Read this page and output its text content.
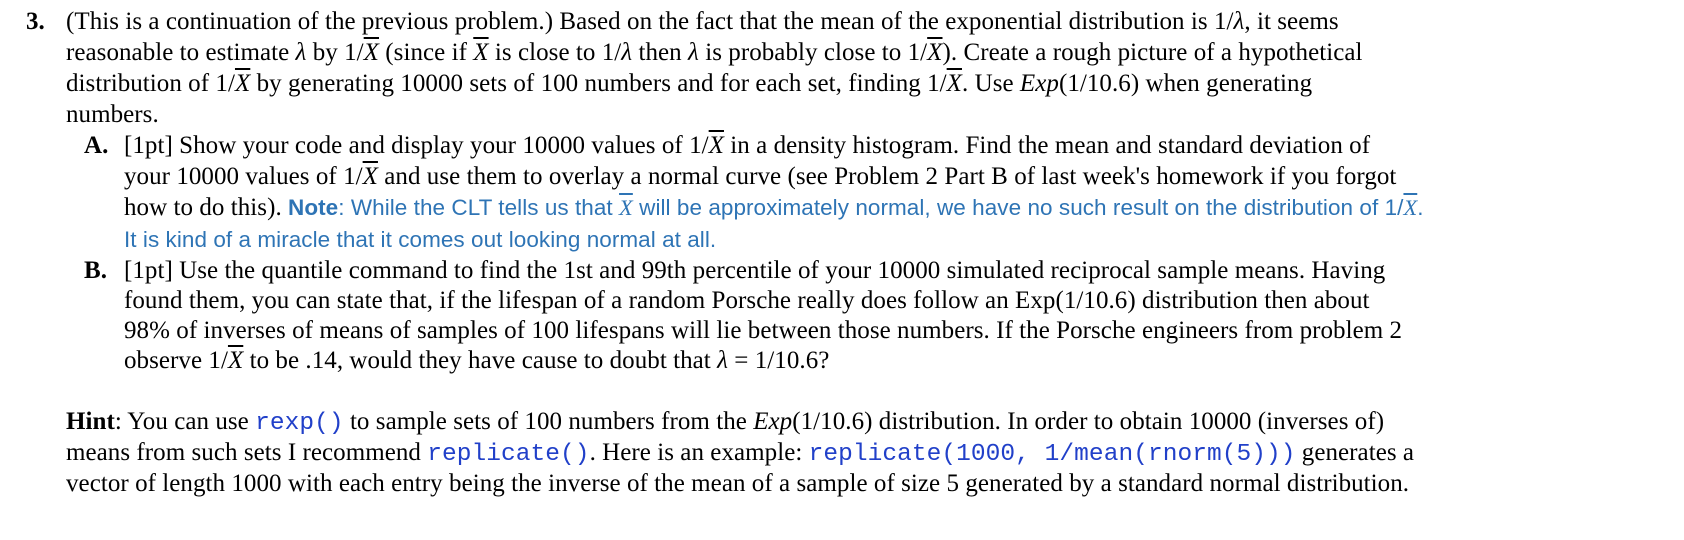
3. (This is a continuation of the previous problem.) Based on the fact that the mean of the exponential distribution is 1/λ, it seems
reasonable to estimate λ by $1/\overline{X}$ (since if $\overline{X}$ is close to 1/λ then λ is probably close to $1/\overline{X}$). Create a rough picture of a hypothetical
distribution of $1/\overline{X}$ by generating 10000 sets of 100 numbers and for each set, finding $1/\overline{X}$. Use Exp(1/10.6) when generating
numbers.
A. [1pt] Show your code and display your 10000 values of $1/\overline{X}$ in a density histogram. Find the mean and standard deviation of
your 10000 values of $1/\overline{X}$ and use them to overlay a normal curve (see Problem 2 Part B of last week's homework if you forgot
how to do this). Note: While the CLT tells us that $\overline{X}$ will be approximately normal, we have no such result on the distribution of $1/\overline{X}$.
It is kind of a miracle that it comes out looking normal at all.
B. [1pt] Use the quantile command to find the 1st and 99th percentile of your 10000 simulated reciprocal sample means. Having
found them, you can state that, if the lifespan of a random Porsche really does follow an Exp(1/10.6) distribution then about
98% of inverses of means of samples of 100 lifespans will lie between those numbers. If the Porsche engineers from problem 2
observe $1/\overline{X}$ to be .14, would they have cause to doubt that λ = 1/10.6?
Hint: You can use rexp() to sample sets of 100 numbers from the Exp(1/10.6) distribution. In order to obtain 10000 (inverses of)
means from such sets I recommend replicate(). Here is an example: replicate(1000, 1/mean(rnorm(5))) generates a
vector of length 1000 with each entry being the inverse of the mean of a sample of size 5 generated by a standard normal distribution.
